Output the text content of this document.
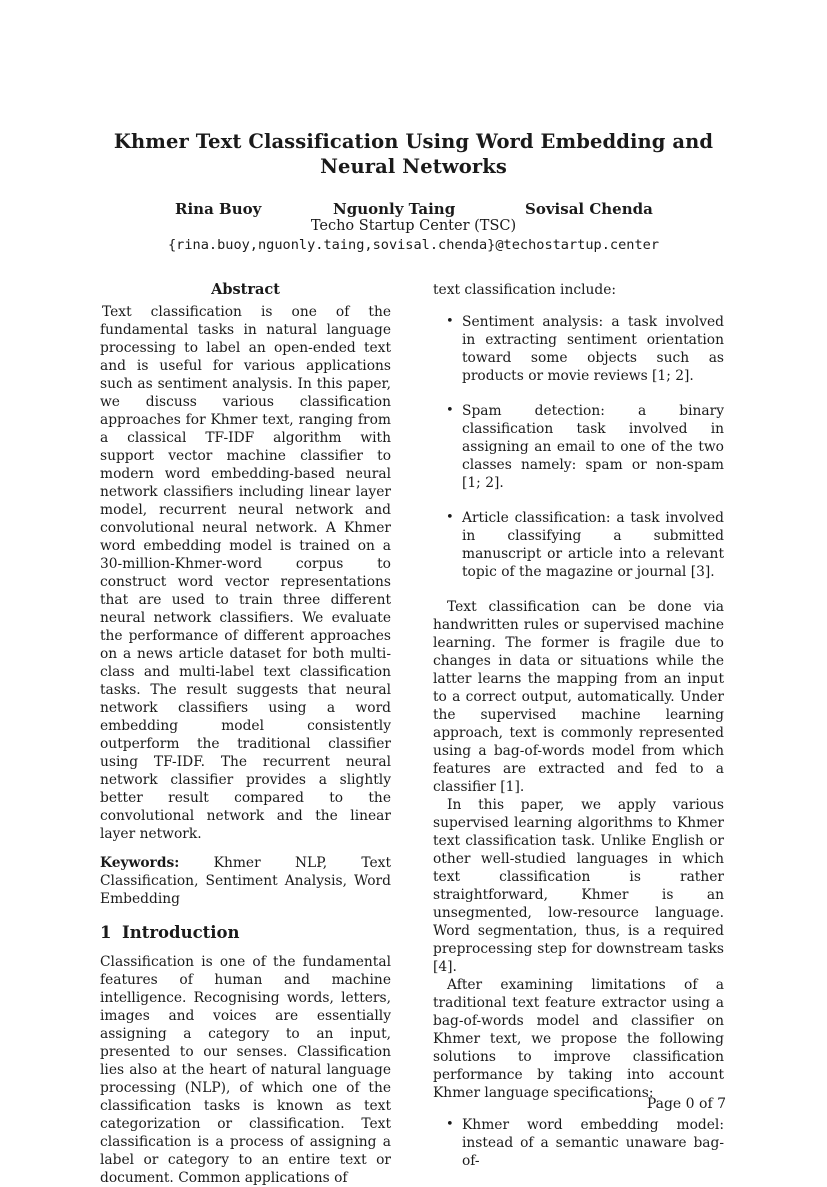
Khmer Text Classification Using Word Embedding and Neural Networks
Rina Buoy	Nguonly Taing	Sovisal Chenda
Techo Startup Center (TSC)
{rina.buoy,nguonly.taing,sovisal.chenda}@techostartup.center
Abstract

Text classification is one of the fundamental tasks in natural language processing to label an open-ended text and is useful for various applications such as sentiment analysis. In this paper, we discuss various classification approaches for Khmer text, ranging from a classical TF-IDF algorithm with support vector machine classifier to modern word embedding-based neural network classifiers including linear layer model, recurrent neural network and convolutional neural network. A Khmer word embedding model is trained on a 30-million-Khmer-word corpus to construct word vector representations that are used to train three different neural network classifiers. We evaluate the performance of different approaches on a news article dataset for both multi-class and multi-label text classification tasks. The result suggests that neural network classifiers using a word embedding model consistently outperform the traditional classifier using TF-IDF. The recurrent neural network classifier provides a slightly better result compared to the convolutional network and the linear layer network.

Keywords: Khmer NLP, Text Classification, Sentiment Analysis, Word Embedding

1 Introduction

Classification is one of the fundamental features of human and machine intelligence. Recognising words, letters, images and voices are essentially assigning a category to an input, presented to our senses. Classification lies also at the heart of natural language processing (NLP), of which one of the classification tasks is known as text categorization or classification. Text classification is a process of assigning a label or category to an entire text or document. Common applications of

text classification include:

• Sentiment analysis: a task involved in extracting sentiment orientation toward some objects such as products or movie reviews [1; 2].
• Spam detection: a binary classification task involved in assigning an email to one of the two classes namely: spam or non-spam [1; 2].
• Article classification: a task involved in classifying a submitted manuscript or article into a relevant topic of the magazine or journal [3].

Text classification can be done via handwritten rules or supervised machine learning. The former is fragile due to changes in data or situations while the latter learns the mapping from an input to a correct output, automatically. Under the supervised machine learning approach, text is commonly represented using a bag-of-words model from which features are extracted and fed to a classifier [1].

In this paper, we apply various supervised learning algorithms to Khmer text classification task. Unlike English or other well-studied languages in which text classification is rather straightforward, Khmer is an unsegmented, low-resource language. Word segmentation, thus, is a required preprocessing step for downstream tasks [4].

After examining limitations of a traditional text feature extractor using a bag-of-words model and classifier on Khmer text, we propose the following solutions to improve classification performance by taking into account Khmer language specifications:

• Khmer word embedding model: instead of a semantic unaware bag-of-
Page 0 of 7
